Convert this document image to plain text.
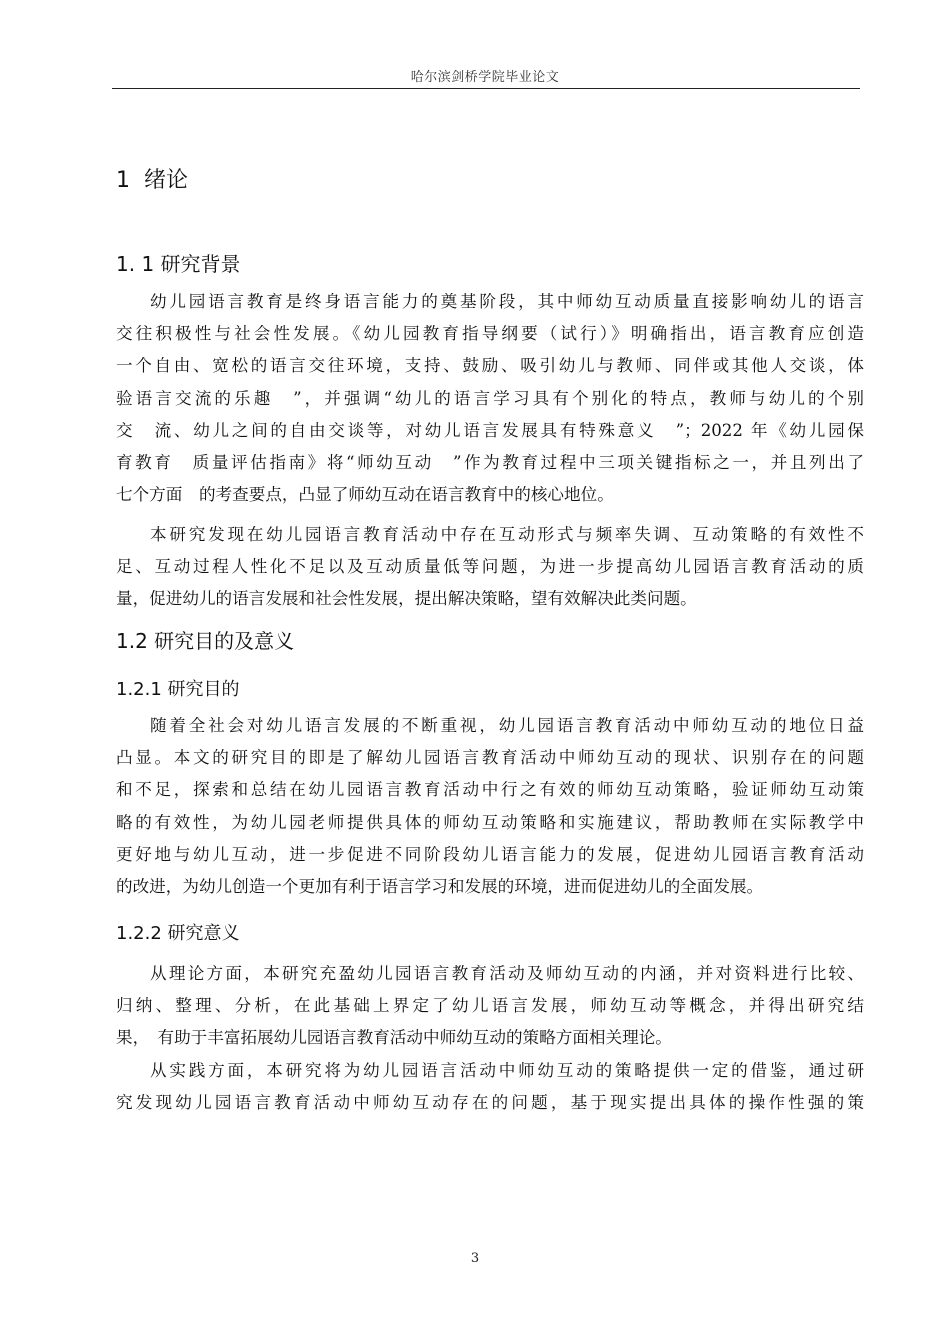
哈尔滨剑桥学院毕业论文
1 绪论
1. 1 研究背景
幼儿园语言教育是终身语言能力的奠基阶段，其中师幼互动质量直接影响幼儿的语言
交往积极性与社会性发展。《幼儿园教育指导纲要（试行）》明确指出，语言教育应创造
一个自由、宽松的语言交往环境，支持、鼓励、吸引幼儿与教师、同伴或其他人交谈，体
验语言交流的乐趣　”，并强调“幼儿的语言学习具有个别化的特点，教师与幼儿的个别
交　流、幼儿之间的自由交谈等，对幼儿语言发展具有特殊意义　”；2022 年《幼儿园保
育教育　质量评估指南》将“师幼互动　”作为教育过程中三项关键指标之一，并且列出了
七个方面　的考查要点，凸显了师幼互动在语言教育中的核心地位。
本研究发现在幼儿园语言教育活动中存在互动形式与频率失调、互动策略的有效性不
足、互动过程人性化不足以及互动质量低等问题，为进一步提高幼儿园语言教育活动的质
量，促进幼儿的语言发展和社会性发展，提出解决策略，望有效解决此类问题。
1.2 研究目的及意义
1.2.1 研究目的
随着全社会对幼儿语言发展的不断重视，幼儿园语言教育活动中师幼互动的地位日益
凸显。本文的研究目的即是了解幼儿园语言教育活动中师幼互动的现状、识别存在的问题
和不足，探索和总结在幼儿园语言教育活动中行之有效的师幼互动策略，验证师幼互动策
略的有效性，为幼儿园老师提供具体的师幼互动策略和实施建议，帮助教师在实际教学中
更好地与幼儿互动，进一步促进不同阶段幼儿语言能力的发展，促进幼儿园语言教育活动
的改进，为幼儿创造一个更加有利于语言学习和发展的环境，进而促进幼儿的全面发展。
1.2.2 研究意义
从理论方面，本研究充盈幼儿园语言教育活动及师幼互动的内涵，并对资料进行比较、
归纳、整理、分析，在此基础上界定了幼儿语言发展，师幼互动等概念，并得出研究结
果，　有助于丰富拓展幼儿园语言教育活动中师幼互动的策略方面相关理论。
从实践方面，本研究将为幼儿园语言活动中师幼互动的策略提供一定的借鉴，通过研
究发现幼儿园语言教育活动中师幼互动存在的问题，基于现实提出具体的操作性强的策
3
